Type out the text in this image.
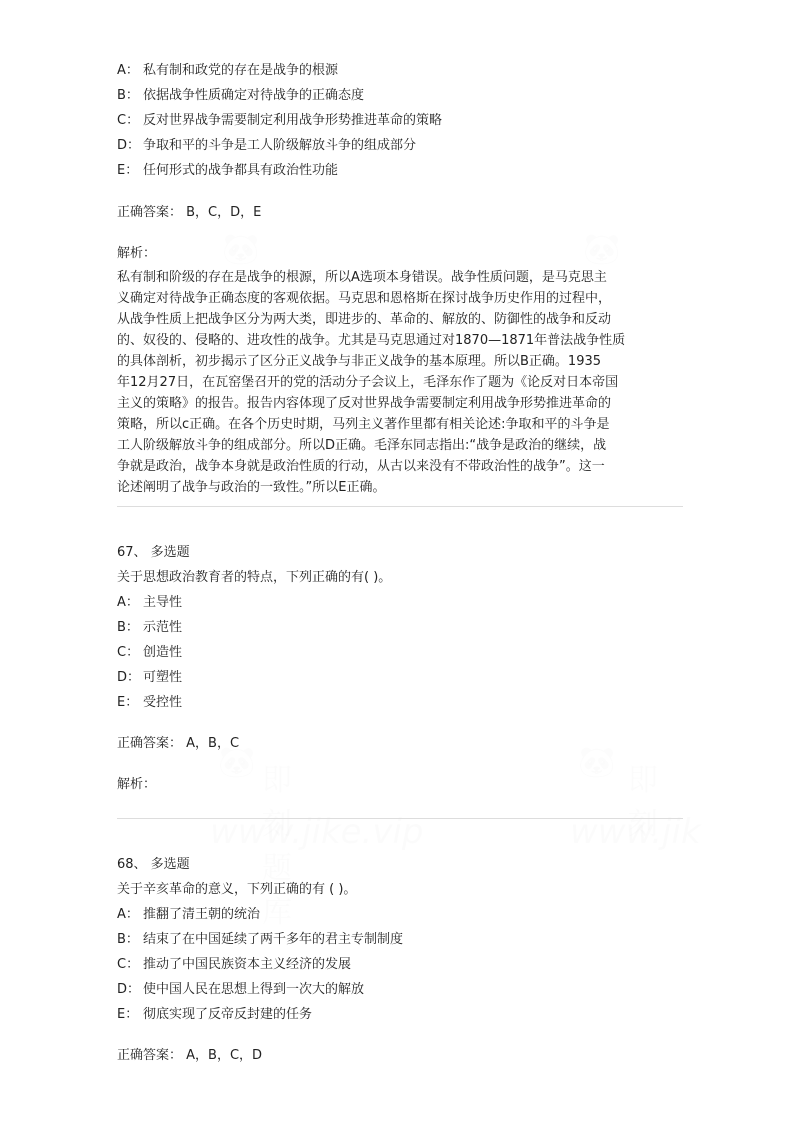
A： 私有制和政党的存在是战争的根源
B： 依据战争性质确定对待战争的正确态度
C： 反对世界战争需要制定利用战争形势推进革命的策略
D： 争取和平的斗争是工人阶级解放斗争的组成部分
E： 任何形式的战争都具有政治性功能
正确答案： B，C，D，E
解析：
私有制和阶级的存在是战争的根源，所以A选项本身错误。战争性质问题，是马克思主
义确定对待战争正确态度的客观依据。马克思和恩格斯在探讨战争历史作用的过程中，
从战争性质上把战争区分为两大类，即进步的、革命的、解放的、防御性的战争和反动
的、奴役的、侵略的、进攻性的战争。尤其是马克思通过对1870—1871年普法战争性质
的具体剖析，初步揭示了区分正义战争与非正义战争的基本原理。所以B正确。1935
年12月27日，在瓦窑堡召开的党的活动分子会议上，毛泽东作了题为《论反对日本帝国
主义的策略》的报告。报告内容体现了反对世界战争需要制定利用战争形势推进革命的
策略，所以c正确。在各个历史时期，马列主义著作里都有相关论述:争取和平的斗争是
工人阶级解放斗争的组成部分。所以D正确。毛泽东同志指出:“战争是政治的继续，战
争就是政治，战争本身就是政治性质的行动，从古以来没有不带政治性的战争”。这一
论述阐明了战争与政治的一致性。”所以E正确。
67、 多选题
关于思想政治教育者的特点，下列正确的有( )。
A： 主导性
B： 示范性
C： 创造性
D： 可塑性
E： 受控性
正确答案： A，B，C
解析：
68、 多选题
关于辛亥革命的意义，下列正确的有 ( )。
A： 推翻了清王朝的统治
B： 结束了在中国延续了两千多年的君主专制制度
C： 推动了中国民族资本主义经济的发展
D： 使中国人民在思想上得到一次大的解放
E： 彻底实现了反帝反封建的任务
正确答案： A，B，C，D
